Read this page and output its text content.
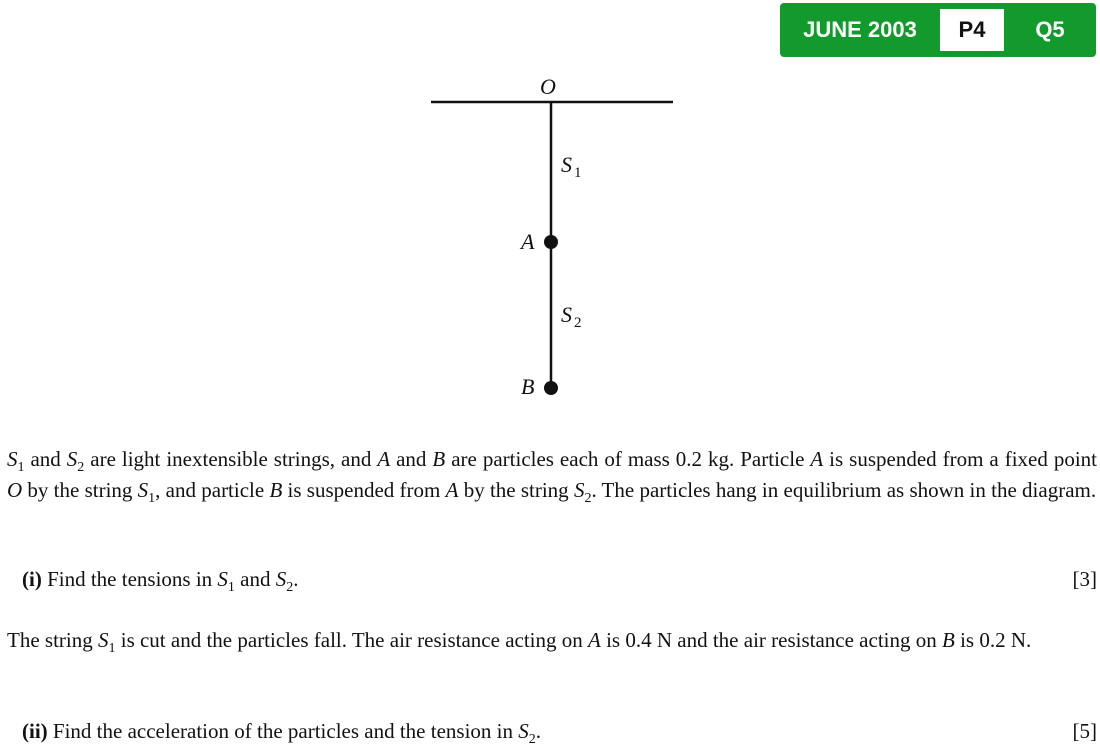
JUNE 2003	P4	Q5
O
A
B
S 1
S 2

$S_1$ and $S_2$ are light inextensible strings, and A and B are particles each of mass 0.2 kg. Particle A is suspended from a fixed point O by the string $S_1$, and particle B is suspended from A by the string $S_2$. The particles hang in equilibrium as shown in the diagram.

(i) Find the tensions in $S_1$ and $S_2$.	[3]

The string $S_1$ is cut and the particles fall. The air resistance acting on A is 0.4 N and the air resistance acting on B is 0.2 N.

(ii) Find the acceleration of the particles and the tension in $S_2$.	[5]
